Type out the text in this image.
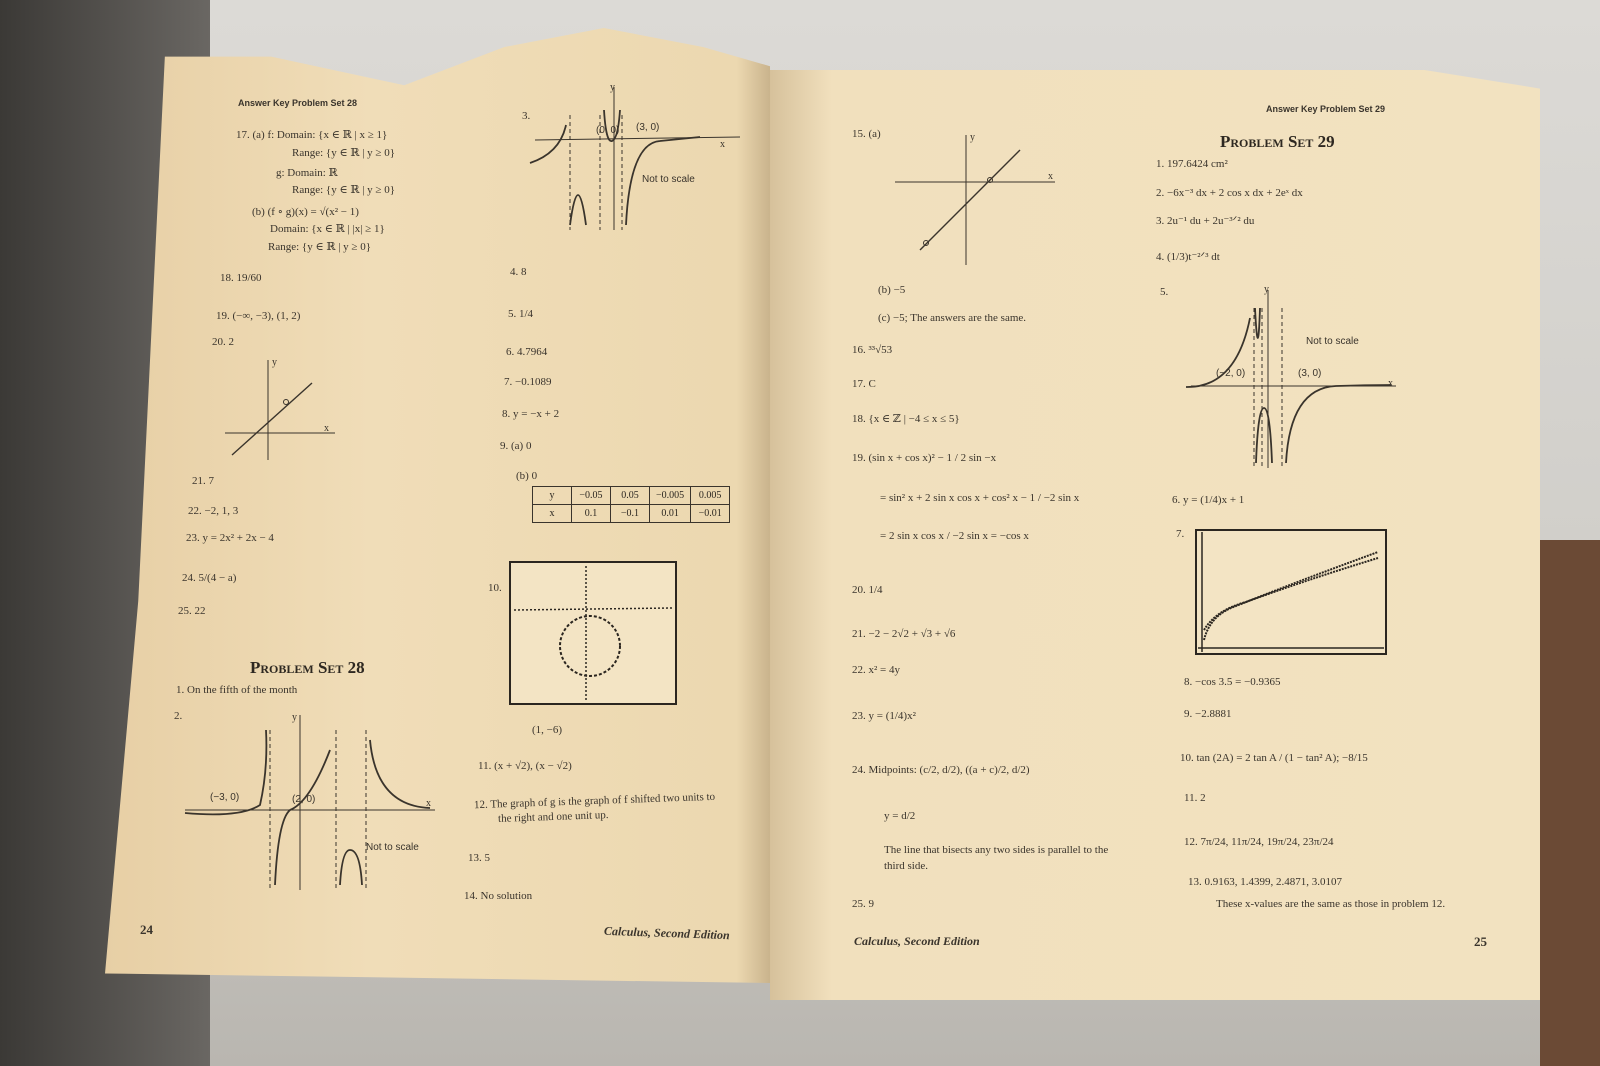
Answer Key Problem Set 28
17. (a) f: Domain: {x ∈ ℝ | x ≥ 1}
Range: {y ∈ ℝ | y ≥ 0}
g: Domain: ℝ
Range: {y ∈ ℝ | y ≥ 0}
(b) (f ∘ g)(x) = √(x² − 1)
Domain: {x ∈ ℝ | |x| ≥ 1}
Range: {y ∈ ℝ | y ≥ 0}
18. 19/60
19. (−∞, −3), (1, 2)
20. 2
x
y
21. 7
22. −2, 1, 3
23. y = 2x² + 2x − 4
24. 5/(4 − a)
25. 22
Problem Set 28
1. On the fifth of the month
2.
(−3, 0)	(2, 0)
Not to scale
x
y
3.
(0, 0) (3, 0)
Not to scale
x
y
4. 8
5. 1/4
6. 4.7964
7. −0.1089
8. y = −x + 2
9. (a) 0
(b) 0
y	−0.05	0.05	−0.005	0.005
x	0.1	−0.1	0.01	−0.01
10.
(1, −6)
11. (x + √2), (x − √2)
12. The graph of g is the graph of f shifted two units to
the right and one unit up.
13. 5
14. No solution
24	Calculus, Second Edition
Answer Key Problem Set 29
15. (a)
x
y
(b) −5
(c) −5; The answers are the same.
16. ³³√53
17. C
18. {x ∈ ℤ | −4 ≤ x ≤ 5}
19. (sin x + cos x)² − 1 / 2 sin −x
= sin² x + 2 sin x cos x + cos² x − 1 / −2 sin x
= 2 sin x cos x / −2 sin x = −cos x
20. 1/4
21. −2 − 2√2 + √3 + √6
22. x² = 4y
23. y = (1/4)x²
24. Midpoints: (c/2, d/2), ((a + c)/2, d/2)
y = d/2
The line that bisects any two sides is parallel to the
third side.
25. 9
Problem Set 29
1. 197.6424 cm²
2. −6x⁻³ dx + 2 cos x dx + 2eˣ dx
3. 2u⁻¹ du + 2u⁻³ᐟ² du
4. (1/3)t⁻²ᐟ³ dt
5.
(−2, 0)	(3, 0)
Not to scale
x
y
6. y = (1/4)x + 1
7.
8. −cos 3.5 = −0.9365
9. −2.8881
10. tan (2A) = 2 tan A / (1 − tan² A); −8/15
11. 2
12. 7π/24, 11π/24, 19π/24, 23π/24
13. 0.9163, 1.4399, 2.4871, 3.0107
These x-values are the same as those in problem 12.
Calculus, Second Edition	25
